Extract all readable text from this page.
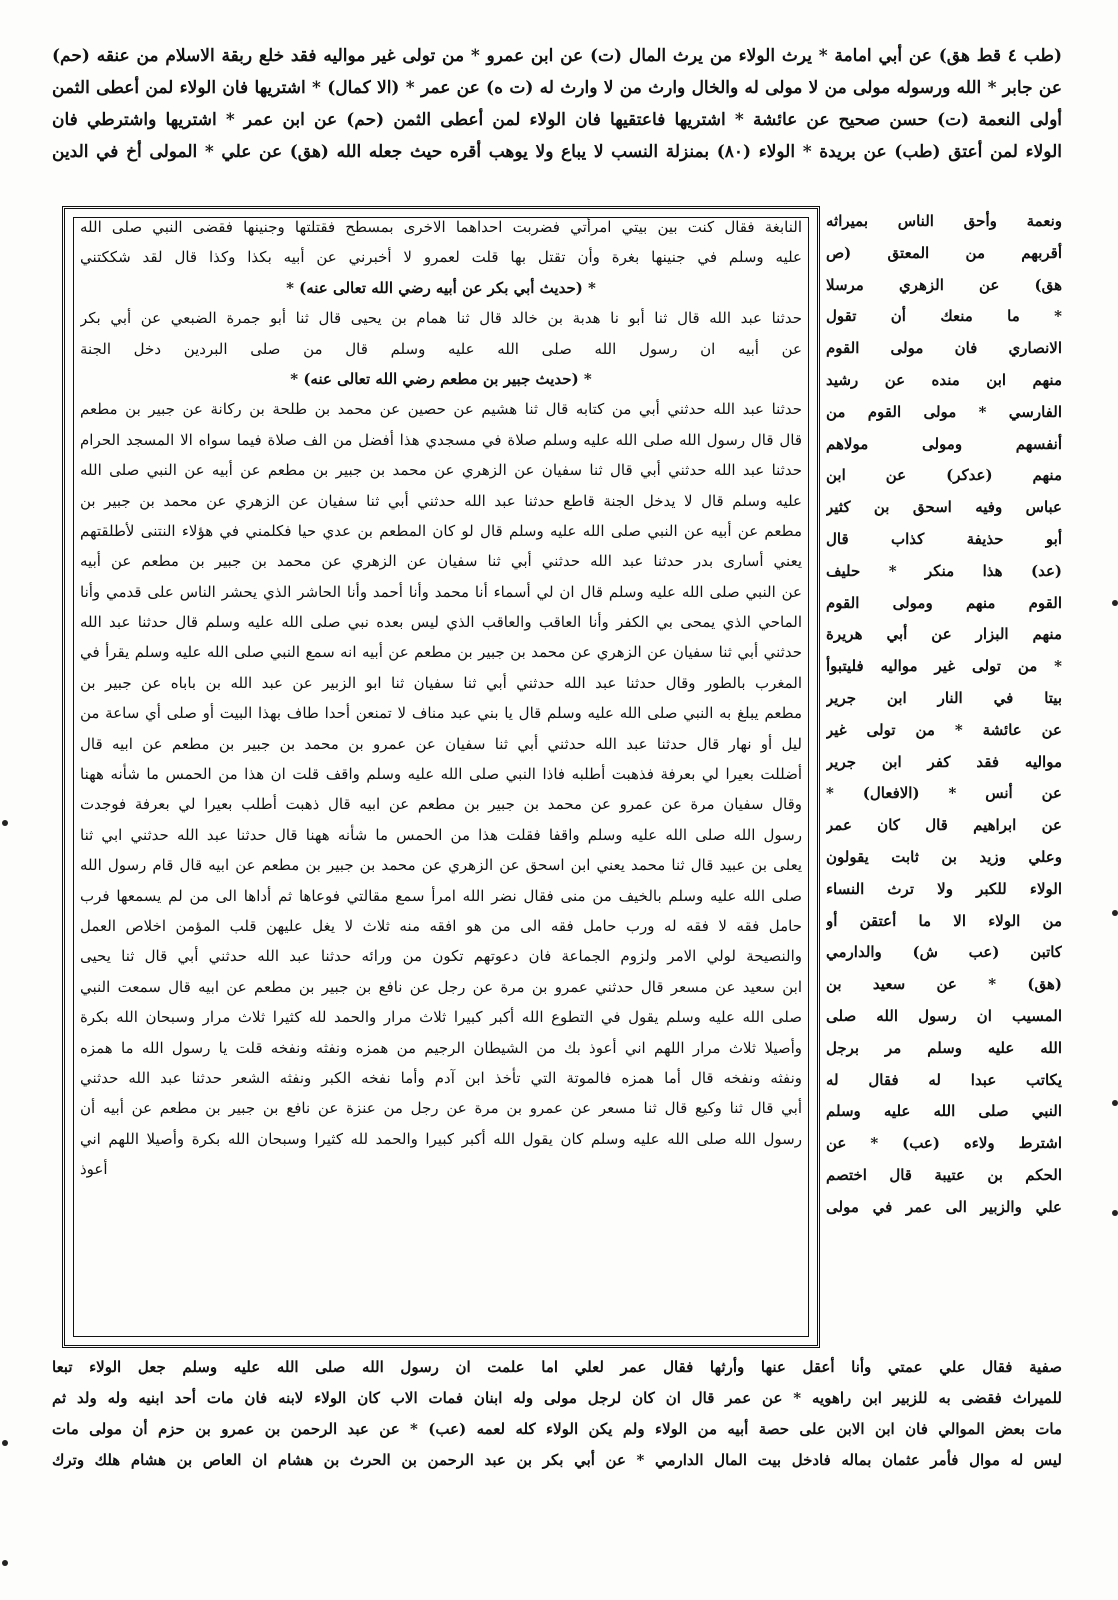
(طب ٤ قط هق) عن أبي امامة * يرث الولاء من يرث المال (ت) عن ابن عمرو * من تولى غير مواليه فقد خلع ربقة الاسلام من عنقه (حم)

عن جابر * الله ورسوله مولى من لا مولى له والخال وارث من لا وارث له (ت ه) عن عمر * (الا كمال) * اشتريها فان الولاء لمن أعطى الثمن

أولى النعمة (ت) حسن صحيح عن عائشة * اشتريها فاعتقيها فان الولاء لمن أعطى الثمن (حم) عن ابن عمر * اشتريها واشترطي فان

الولاء لمن أعتق (طب) عن بريدة * الولاء (٨٠) بمنزلة النسب لا يباع ولا يوهب أقره حيث جعله الله (هق) عن علي * المولى أخ في الدين

النابغة فقال كنت بين بيتي امرأتي فضربت احداهما الاخرى بمسطح فقتلتها وجنينها فقضى النبي صلى الله

عليه وسلم في جنينها بغرة وأن تقتل بها قلت لعمرو لا أخبرني عن أبيه بكذا وكذا قال لقد شككتني

* (حديث أبي بكر عن أبيه رضي الله تعالى عنه) *

حدثنا عبد الله قال ثنا أبو نا هدبة بن خالد قال ثنا همام بن يحيى قال ثنا أبو جمرة الضبعي عن أبي بكر

عن أبيه ان رسول الله صلى الله عليه وسلم قال من صلى البردين دخل الجنة

* (حديث جبير بن مطعم رضي الله تعالى عنه) *

حدثنا عبد الله حدثني أبي من كتابه قال ثنا هشيم عن حصين عن محمد بن طلحة بن ركانة عن جبير بن مطعم

قال قال رسول الله صلى الله عليه وسلم صلاة في مسجدي هذا أفضل من الف صلاة فيما سواه الا المسجد الحرام

حدثنا عبد الله حدثني أبي قال ثنا سفيان عن الزهري عن محمد بن جبير بن مطعم عن أبيه عن النبي صلى الله

عليه وسلم قال لا يدخل الجنة قاطع حدثنا عبد الله حدثني أبي ثنا سفيان عن الزهري عن محمد بن جبير بن

مطعم عن أبيه عن النبي صلى الله عليه وسلم قال لو كان المطعم بن عدي حيا فكلمني في هؤلاء النتنى لأطلقتهم

يعني أسارى بدر حدثنا عبد الله حدثني أبي ثنا سفيان عن الزهري عن محمد بن جبير بن مطعم عن أبيه

عن النبي صلى الله عليه وسلم قال ان لي أسماء أنا محمد وأنا أحمد وأنا الحاشر الذي يحشر الناس على قدمي وأنا

الماحي الذي يمحى بي الكفر وأنا العاقب والعاقب الذي ليس بعده نبي صلى الله عليه وسلم قال حدثنا عبد الله

حدثني أبي ثنا سفيان عن الزهري عن محمد بن جبير بن مطعم عن أبيه انه سمع النبي صلى الله عليه وسلم يقرأ في

المغرب بالطور وقال حدثنا عبد الله حدثني أبي ثنا سفيان ثنا ابو الزبير عن عبد الله بن باباه عن جبير بن

مطعم يبلغ به النبي صلى الله عليه وسلم قال يا بني عبد مناف لا تمنعن أحدا طاف بهذا البيت أو صلى أي ساعة من

ليل أو نهار قال حدثنا عبد الله حدثني أبي ثنا سفيان عن عمرو بن محمد بن جبير بن مطعم عن ابيه قال

أضللت بعيرا لي بعرفة فذهبت أطلبه فاذا النبي صلى الله عليه وسلم واقف قلت ان هذا من الحمس ما شأنه ههنا

وقال سفيان مرة عن عمرو عن محمد بن جبير بن مطعم عن ابيه قال ذهبت أطلب بعيرا لي بعرفة فوجدت

رسول الله صلى الله عليه وسلم واقفا فقلت هذا من الحمس ما شأنه ههنا قال حدثنا عبد الله حدثني ابي ثنا

يعلى بن عبيد قال ثنا محمد يعني ابن اسحق عن الزهري عن محمد بن جبير بن مطعم عن ابيه قال قام رسول الله

صلى الله عليه وسلم بالخيف من منى فقال نضر الله امرأ سمع مقالتي فوعاها ثم أداها الى من لم يسمعها فرب

حامل فقه لا فقه له ورب حامل فقه الى من هو افقه منه ثلاث لا يغل عليهن قلب المؤمن اخلاص العمل

والنصيحة لولي الامر ولزوم الجماعة فان دعوتهم تكون من ورائه حدثنا عبد الله حدثني أبي قال ثنا يحيى

ابن سعيد عن مسعر قال حدثني عمرو بن مرة عن رجل عن نافع بن جبير بن مطعم عن ابيه قال سمعت النبي

صلى الله عليه وسلم يقول في التطوع الله أكبر كبيرا ثلاث مرار والحمد لله كثيرا ثلاث مرار وسبحان الله بكرة

وأصيلا ثلاث مرار اللهم اني أعوذ بك من الشيطان الرجيم من همزه ونفثه ونفخه قلت يا رسول الله ما همزه

ونفثه ونفخه قال أما همزه فالموتة التي تأخذ ابن آدم وأما نفخه الكبر ونفثه الشعر حدثنا عبد الله حدثني

أبي قال ثنا وكيع قال ثنا مسعر عن عمرو بن مرة عن رجل من عنزة عن نافع بن جبير بن مطعم عن أبيه أن

رسول الله صلى الله عليه وسلم كان يقول الله أكبر كبيرا والحمد لله كثيرا وسبحان الله بكرة وأصيلا اللهم اني

أعوذ

ونعمة وأحق الناس بميراثه

أقربهم من المعتق (ص

هق) عن الزهري مرسلا

* ما منعك أن تقول

الانصاري فان مولى القوم

منهم ابن منده عن رشيد

الفارسي * مولى القوم من

أنفسهم ومولى مولاهم

منهم (عدكر) عن ابن

عباس وفيه اسحق بن كثير

أبو حذيفة كذاب قال

(عد) هذا منكر * حليف

القوم منهم ومولى القوم

منهم البزار عن أبي هريرة

* من تولى غير مواليه فليتبوأ

بيتا في النار ابن جرير

عن عائشة * من تولى غير

مواليه فقد كفر ابن جرير

عن أنس * (الافعال) *

عن ابراهيم قال كان عمر

وعلي وزيد بن ثابت يقولون

الولاء للكبر ولا ترث النساء

من الولاء الا ما أعتقن أو

كاتبن (عب ش) والدارمي

(هق) * عن سعيد بن

المسيب ان رسول الله صلى

الله عليه وسلم مر برجل

يكاتب عبدا له فقال له

النبي صلى الله عليه وسلم

اشترط ولاءه (عب) * عن

الحكم بن عتيبة قال اختصم

علي والزبير الى عمر في مولى

صفية فقال علي عمتي وأنا أعقل عنها وأرثها فقال عمر لعلي اما علمت ان رسول الله صلى الله عليه وسلم جعل الولاء تبعا

للميراث فقضى به للزبير ابن راهويه * عن عمر قال ان كان لرجل مولى وله ابنان فمات الاب كان الولاء لابنه فان مات أحد ابنيه وله ولد ثم

مات بعض الموالي فان ابن الابن على حصة أبيه من الولاء ولم يكن الولاء كله لعمه (عب) * عن عبد الرحمن بن عمرو بن حزم أن مولى مات

ليس له موال فأمر عثمان بماله فادخل بيت المال الدارمي * عن أبي بكر بن عبد الرحمن بن الحرث بن هشام ان العاص بن هشام هلك وترك
